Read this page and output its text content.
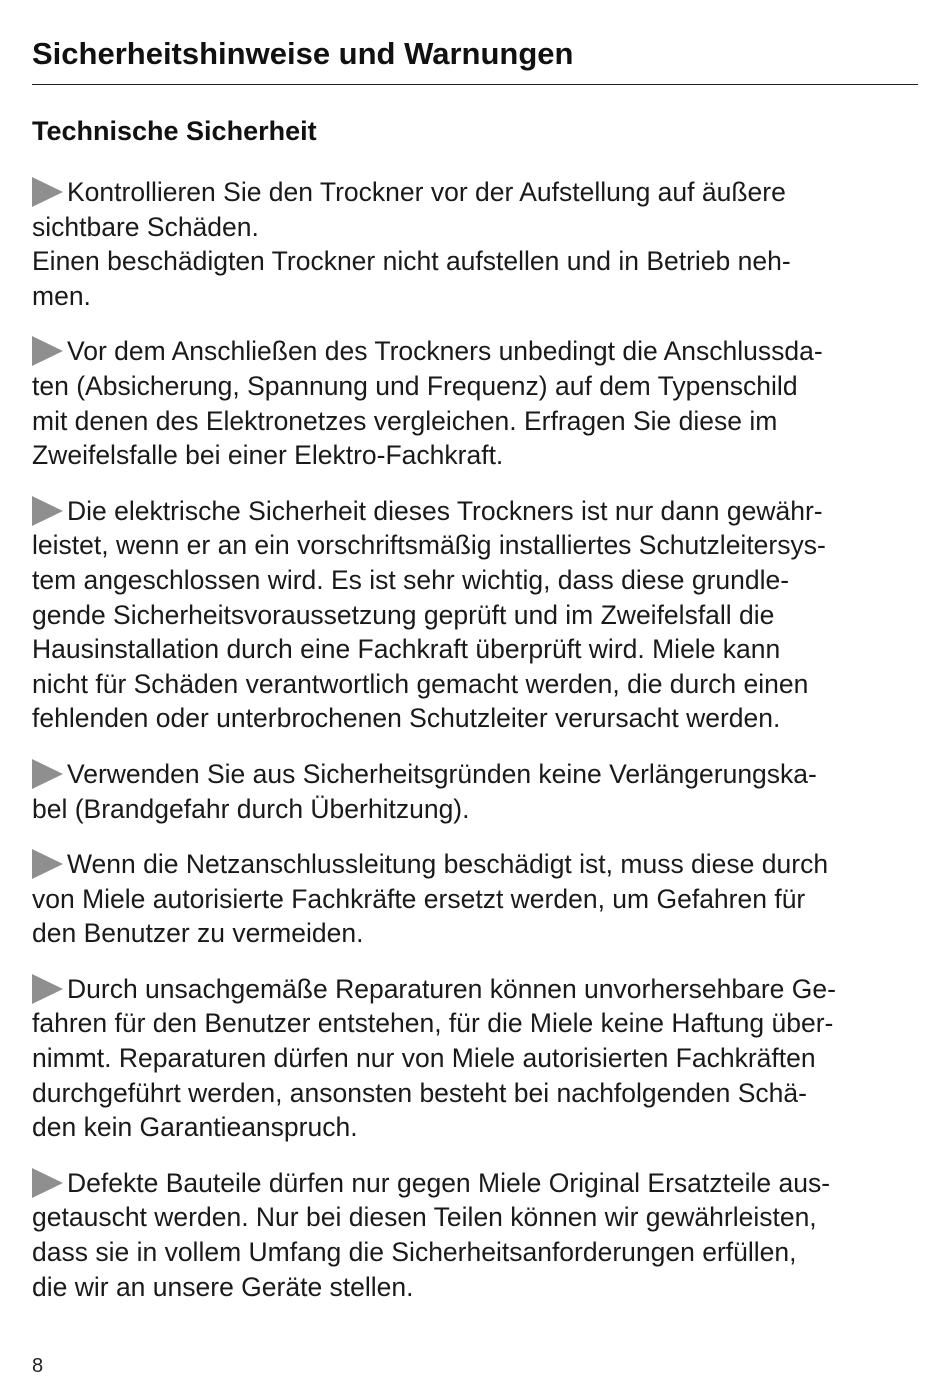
Sicherheitshinweise und Warnungen
Technische Sicherheit
Kontrollieren Sie den Trockner vor der Aufstellung auf äußere
sichtbare Schäden.
Einen beschädigten Trockner nicht aufstellen und in Betrieb neh-
men.
Vor dem Anschließen des Trockners unbedingt die Anschlussda-
ten (Absicherung, Spannung und Frequenz) auf dem Typenschild
mit denen des Elektronetzes vergleichen. Erfragen Sie diese im
Zweifelsfalle bei einer Elektro-Fachkraft.
Die elektrische Sicherheit dieses Trockners ist nur dann gewähr-
leistet, wenn er an ein vorschriftsmäßig installiertes Schutzleitersys-
tem angeschlossen wird. Es ist sehr wichtig, dass diese grundle-
gende Sicherheitsvoraussetzung geprüft und im Zweifelsfall die
Hausinstallation durch eine Fachkraft überprüft wird. Miele kann
nicht für Schäden verantwortlich gemacht werden, die durch einen
fehlenden oder unterbrochenen Schutzleiter verursacht werden.
Verwenden Sie aus Sicherheitsgründen keine Verlängerungska-
bel (Brandgefahr durch Überhitzung).
Wenn die Netzanschlussleitung beschädigt ist, muss diese durch
von Miele autorisierte Fachkräfte ersetzt werden, um Gefahren für
den Benutzer zu vermeiden.
Durch unsachgemäße Reparaturen können unvorhersehbare Ge-
fahren für den Benutzer entstehen, für die Miele keine Haftung über-
nimmt. Reparaturen dürfen nur von Miele autorisierten Fachkräften
durchgeführt werden, ansonsten besteht bei nachfolgenden Schä-
den kein Garantieanspruch.
Defekte Bauteile dürfen nur gegen Miele Original Ersatzteile aus-
getauscht werden. Nur bei diesen Teilen können wir gewährleisten,
dass sie in vollem Umfang die Sicherheitsanforderungen erfüllen,
die wir an unsere Geräte stellen.
8
